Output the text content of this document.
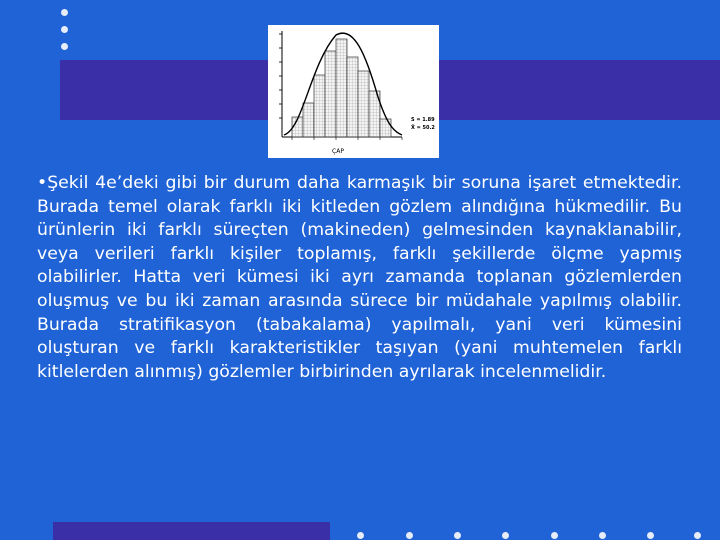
S = 1.89
X̄ = 50.2
ÇAP

•Şekil 4e’deki gibi bir durum daha karmaşık bir soruna işaret etmektedir. Burada temel olarak farklı iki kitleden gözlem alındığına hükmedilir. Bu ürünlerin iki farklı süreçten (makineden) gelmesinden kaynaklanabilir, veya verileri farklı kişiler toplamış, farklı şekillerde ölçme yapmış olabilirler. Hatta veri kümesi iki ayrı zamanda toplanan gözlemlerden oluşmuş ve bu iki zaman arasında sürece bir müdahale yapılmış olabilir. Burada stratifikasyon (tabakalama) yapılmalı, yani veri kümesini oluşturan ve farklı karakteristikler taşıyan (yani muhtemelen farklı kitlelerden alınmış) gözlemler birbirinden ayrılarak incelenmelidir.
